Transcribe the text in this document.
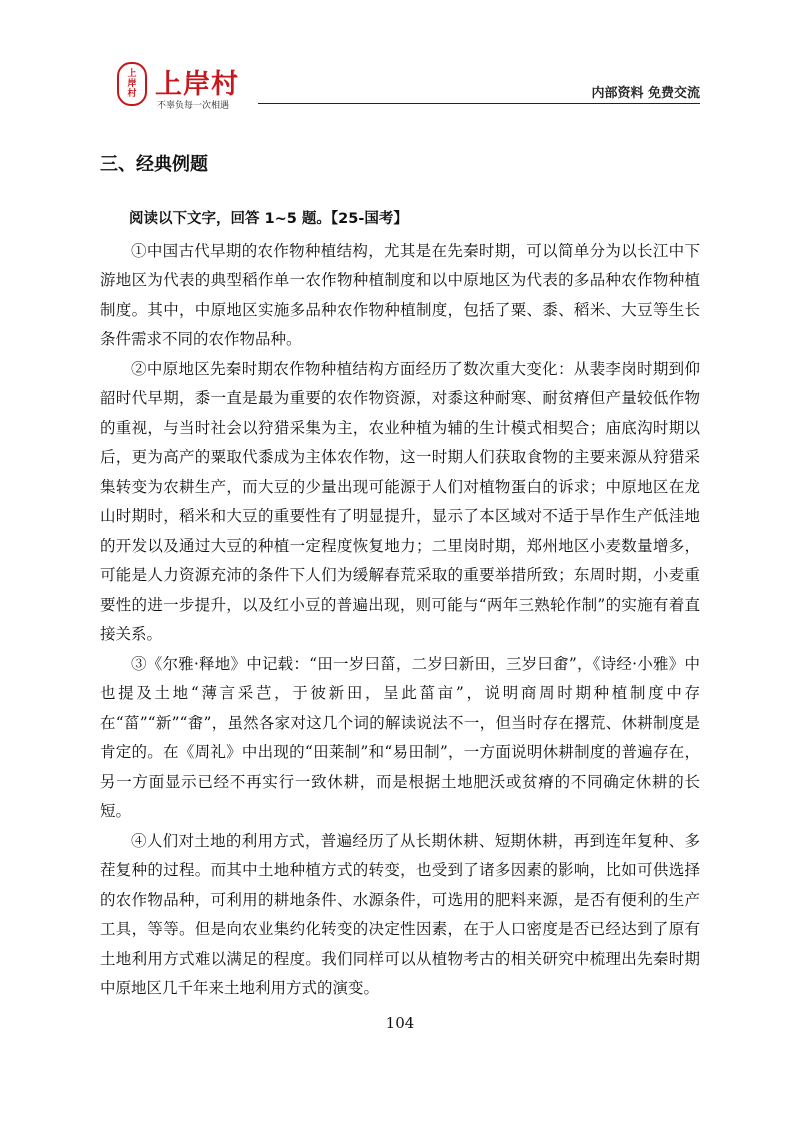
上
岸
村 上岸村
不辜负每一次相遇
内部资料 免费交流
三、经典例题

阅读以下文字，回答 1~5 题。【25-国考】

①中国古代早期的农作物种植结构，尤其是在先秦时期，可以简单分为以长江中下游地区为代表的典型稻作单一农作物种植制度和以中原地区为代表的多品种农作物种植制度。其中，中原地区实施多品种农作物种植制度，包括了粟、黍、稻米、大豆等生长条件需求不同的农作物品种。

②中原地区先秦时期农作物种植结构方面经历了数次重大变化：从裴李岗时期到仰韶时代早期，黍一直是最为重要的农作物资源，对黍这种耐寒、耐贫瘠但产量较低作物的重视，与当时社会以狩猎采集为主，农业种植为辅的生计模式相契合；庙底沟时期以后，更为高产的粟取代黍成为主体农作物，这一时期人们获取食物的主要来源从狩猎采集转变为农耕生产，而大豆的少量出现可能源于人们对植物蛋白的诉求；中原地区在龙山时期时，稻米和大豆的重要性有了明显提升，显示了本区域对不适于旱作生产低洼地的开发以及通过大豆的种植一定程度恢复地力；二里岗时期，郑州地区小麦数量增多，可能是人力资源充沛的条件下人们为缓解春荒采取的重要举措所致；东周时期，小麦重要性的进一步提升，以及红小豆的普遍出现，则可能与“两年三熟轮作制”的实施有着直接关系。

③《尔雅·释地》中记载：“田一岁曰菑，二岁曰新田，三岁曰畬”，《诗经·小雅》中也提及土地“薄言采芑，于彼新田，呈此菑亩”，说明商周时期种植制度中存在“菑”“新”“畬”，虽然各家对这几个词的解读说法不一，但当时存在撂荒、休耕制度是肯定的。在《周礼》中出现的“田莱制”和“易田制”，一方面说明休耕制度的普遍存在，另一方面显示已经不再实行一致休耕，而是根据土地肥沃或贫瘠的不同确定休耕的长短。

④人们对土地的利用方式，普遍经历了从长期休耕、短期休耕，再到连年复种、多茬复种的过程。而其中土地种植方式的转变，也受到了诸多因素的影响，比如可供选择的农作物品种，可利用的耕地条件、水源条件，可选用的肥料来源，是否有便利的生产工具，等等。但是向农业集约化转变的决定性因素，在于人口密度是否已经达到了原有土地利用方式难以满足的程度。我们同样可以从植物考古的相关研究中梳理出先秦时期中原地区几千年来土地利用方式的演变。

104
